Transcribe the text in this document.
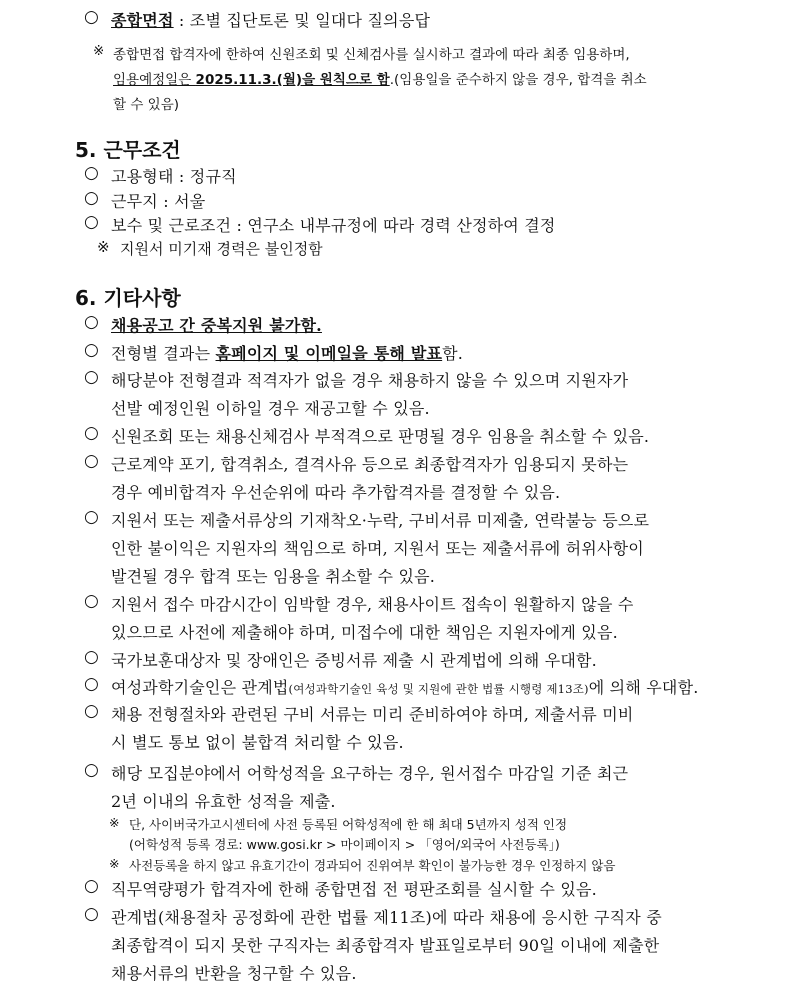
○ 종합면접 : 조별 집단토론 및 일대다 질의응답
※ 종합면접 합격자에 한하여 신원조회 및 신체검사를 실시하고 결과에 따라 최종 임용하며,
임용예정일은 2025.11.3.(월)을 원칙으로 함.(임용일을 준수하지 않을 경우, 합격을 취소
할 수 있음)
5. 근무조건
○ 고용형태 : 정규직
○ 근무지 : 서울
○ 보수 및 근로조건 : 연구소 내부규정에 따라 경력 산정하여 결정
※ 지원서 미기재 경력은 불인정함
6. 기타사항
○ 채용공고 간 중복지원 불가함.
○ 전형별 결과는 홈페이지 및 이메일을 통해 발표함.
○ 해당분야 전형결과 적격자가 없을 경우 채용하지 않을 수 있으며 지원자가
선발 예정인원 이하일 경우 재공고할 수 있음.
○ 신원조회 또는 채용신체검사 부적격으로 판명될 경우 임용을 취소할 수 있음.
○ 근로계약 포기, 합격취소, 결격사유 등으로 최종합격자가 임용되지 못하는
경우 예비합격자 우선순위에 따라 추가합격자를 결정할 수 있음.
○ 지원서 또는 제출서류상의 기재착오·누락, 구비서류 미제출, 연락불능 등으로
인한 불이익은 지원자의 책임으로 하며, 지원서 또는 제출서류에 허위사항이
발견될 경우 합격 또는 임용을 취소할 수 있음.
○ 지원서 접수 마감시간이 임박할 경우, 채용사이트 접속이 원활하지 않을 수
있으므로 사전에 제출해야 하며, 미접수에 대한 책임은 지원자에게 있음.
○ 국가보훈대상자 및 장애인은 증빙서류 제출 시 관계법에 의해 우대함.
○ 여성과학기술인은 관계법(여성과학기술인 육성 및 지원에 관한 법률 시행령 제13조)에 의해 우대함.
○ 채용 전형절차와 관련된 구비 서류는 미리 준비하여야 하며, 제출서류 미비
시 별도 통보 없이 불합격 처리할 수 있음.
○ 해당 모집분야에서 어학성적을 요구하는 경우, 원서접수 마감일 기준 최근
2년 이내의 유효한 성적을 제출.
※ 단, 사이버국가고시센터에 사전 등록된 어학성적에 한 해 최대 5년까지 성적 인정
(어학성적 등록 경로: www.gosi.kr > 마이페이지 > 「영어/외국어 사전등록」)
※ 사전등록을 하지 않고 유효기간이 경과되어 진위여부 확인이 불가능한 경우 인정하지 않음
○ 직무역량평가 합격자에 한해 종합면접 전 평판조회를 실시할 수 있음.
○ 관계법(채용절차 공정화에 관한 법률 제11조)에 따라 채용에 응시한 구직자 중
최종합격이 되지 못한 구직자는 최종합격자 발표일로부터 90일 이내에 제출한
채용서류의 반환을 청구할 수 있음.
